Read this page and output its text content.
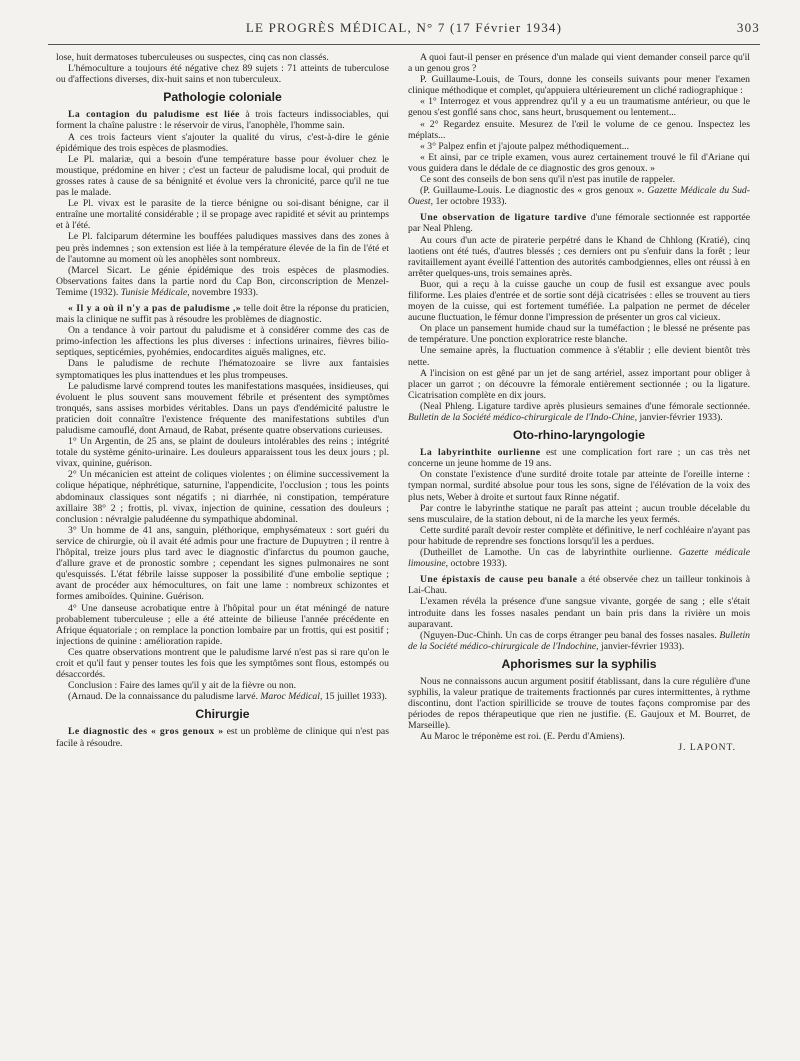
LE PROGRÈS MÉDICAL, N° 7 (17 Février 1934)	303

lose, huit dermatoses tuberculeuses ou suspectes, cinq cas non classés.

L'hémoculture a toujours été négative chez 89 sujets : 71 atteints de tuberculose ou d'affections diverses, dix-huit sains et non tuberculeux.

Pathologie coloniale

La contagion du paludisme est liée à trois facteurs indissociables, qui forment la chaîne palustre : le réservoir de virus, l'anophèle, l'homme sain.

A ces trois facteurs vient s'ajouter la qualité du virus, c'est-à-dire le génie épidémique des trois espèces de plasmodies.

Le Pl. malariæ, qui a besoin d'une température basse pour évoluer chez le moustique, prédomine en hiver ; c'est un facteur de paludisme local, qui produit de grosses rates à cause de sa bénignité et évolue vers la chronicité, parce qu'il ne tue pas le malade.

Le Pl. vivax est le parasite de la tierce bénigne ou soi-disant bénigne, car il entraîne une mortalité considérable ; il se propage avec rapidité et sévit au printemps et à l'été.

Le Pl. falciparum détermine les bouffées paludiques massives dans des zones à peu près indemnes ; son extension est liée à la température élevée de la fin de l'été et de l'automne au moment où les anophèles sont nombreux.

(Marcel Sicart. Le génie épidémique des trois espèces de plasmodies. Observations faites dans la partie nord du Cap Bon, circonscription de Menzel-Temime (1932). Tunisie Médicale, novembre 1933).

« Il y a où il n'y a pas de paludisme ,» telle doit être la réponse du praticien, mais la clinique ne suffit pas à résoudre les problèmes de diagnostic.

On a tendance à voir partout du paludisme et à considérer comme des cas de primo-infection les affections les plus diverses : infections urinaires, fièvres bilio-septiques, septicémies, pyohémies, endocardites aiguës malignes, etc.

Dans le paludisme de rechute l'hématozoaire se livre aux fantaisies symptomatiques les plus inattendues et les plus trompeuses.

Le paludisme larvé comprend toutes les manifestations masquées, insidieuses, qui évoluent le plus souvent sans mouvement fébrile et présentent des symptômes tronqués, sans assises morbides véritables. Dans un pays d'endémicité palustre le praticien doit connaître l'existence fréquente des manifestations subtiles d'un paludisme camouflé, dont Arnaud, de Rabat, présente quatre observations curieuses.

1° Un Argentin, de 25 ans, se plaint de douleurs intolérables des reins ; intégrité totale du système génito-urinaire. Les douleurs apparaissent tous les deux jours ; pl. vivax, quinine, guérison.

2° Un mécanicien est atteint de coliques violentes ; on élimine successivement la colique hépatique, néphrétique, saturnine, l'appendicite, l'occlusion ; tous les points abdominaux classiques sont négatifs ; ni diarrhée, ni constipation, température axillaire 38° 2 ; frottis, pl. vivax, injection de quinine, cessation des douleurs ; conclusion : névralgie paludéenne du sympathique abdominal.

3° Un homme de 41 ans, sanguin, pléthorique, emphysémateux : sort guéri du service de chirurgie, où il avait été admis pour une fracture de Dupuytren ; il rentre à l'hôpital, treize jours plus tard avec le diagnostic d'infarctus du poumon gauche, d'allure grave et de pronostic sombre ; cependant les signes pulmonaires ne sont qu'esquissés. L'état fébrile laisse supposer la possibilité d'une embolie septique ; avant de procéder aux hémocultures, on fait une lame : nombreux schizontes et formes amiboïdes. Quinine. Guérison.

4° Une danseuse acrobatique entre à l'hôpital pour un état méningé de nature probablement tuberculeuse ; elle a été atteinte de bilieuse l'année précédente en Afrique équatoriale ; on remplace la ponction lombaire par un frottis, qui est positif ; injections de quinine : amélioration rapide.

Ces quatre observations montrent que le paludisme larvé n'est pas si rare qu'on le croit et qu'il faut y penser toutes les fois que les symptômes sont flous, estompés ou désaccordés.

Conclusion : Faire des lames qu'il y ait de la fièvre ou non.

(Arnaud. De la connaissance du paludisme larvé. Maroc Médical, 15 juillet 1933).

Chirurgie

Le diagnostic des « gros genoux » est un problème de clinique qui n'est pas facile à résoudre.

A quoi faut-il penser en présence d'un malade qui vient demander conseil parce qu'il a un genou gros ?

P. Guillaume-Louis, de Tours, donne les conseils suivants pour mener l'examen clinique méthodique et complet, qu'appuiera ultérieurement un cliché radiographique :

« 1° Interrogez et vous apprendrez qu'il y a eu un traumatisme antérieur, ou que le genou s'est gonflé sans choc, sans heurt, brusquement ou lentement...

« 2° Regardez ensuite. Mesurez de l'œil le volume de ce genou. Inspectez les méplats...

« 3° Palpez enfin et j'ajoute palpez méthodiquement...

« Et ainsi, par ce triple examen, vous aurez certainement trouvé le fil d'Ariane qui vous guidera dans le dédale de ce diagnostic des gros genoux. »

Ce sont des conseils de bon sens qu'il n'est pas inutile de rappeler.

(P. Guillaume-Louis. Le diagnostic des « gros genoux ». Gazette Médicale du Sud-Ouest, 1er octobre 1933).

Une observation de ligature tardive d'une fémorale sectionnée est rapportée par Neal Phleng.

Au cours d'un acte de piraterie perpétré dans le Khand de Chhlong (Kratié), cinq laotiens ont été tués, d'autres blessés ; ces derniers ont pu s'enfuir dans la forêt ; leur ravitaillement ayant éveillé l'attention des autorités cambodgiennes, elles ont réussi à en arrêter quelques-uns, trois semaines après.

Buor, qui a reçu à la cuisse gauche un coup de fusil est exsangue avec pouls filiforme. Les plaies d'entrée et de sortie sont déjà cicatrisées : elles se trouvent au tiers moyen de la cuisse, qui est fortement tuméfiée. La palpation ne permet de déceler aucune fluctuation, le fémur donne l'impression de présenter un gros cal vicieux.

On place un pansement humide chaud sur la tuméfaction ; le blessé ne présente pas de température. Une ponction exploratrice reste blanche.

Une semaine après, la fluctuation commence à s'établir ; elle devient bientôt très nette.

A l'incision on est gêné par un jet de sang artériel, assez important pour obliger à placer un garrot ; on découvre la fémorale entièrement sectionnée ; ou la ligature. Cicatrisation complète en dix jours.

(Neal Phleng. Ligature tardive après plusieurs semaines d'une fémorale sectionnée. Bulletin de la Société médico-chirurgicale de l'Indo-Chine, janvier-février 1933).

Oto-rhino-laryngologie

La labyrinthite ourlienne est une complication fort rare ; un cas très net concerne un jeune homme de 19 ans.

On constate l'existence d'une surdité droite totale par atteinte de l'oreille interne : tympan normal, surdité absolue pour tous les sons, signe de l'élévation de la voix des plus nets, Weber à droite et surtout faux Rinne négatif.

Par contre le labyrinthe statique ne paraît pas atteint ; aucun trouble décelable du sens musculaire, de la station debout, ni de la marche les yeux fermés.

Cette surdité paraît devoir rester complète et définitive, le nerf cochléaire n'ayant pas pour habitude de reprendre ses fonctions lorsqu'il les a perdues.

(Dutheillet de Lamothe. Un cas de labyrinthite ourlienne. Gazette médicale limousine, octobre 1933).

Une épistaxis de cause peu banale a été observée chez un tailleur tonkinois à Lai-Chau.

L'examen révéla la présence d'une sangsue vivante, gorgée de sang ; elle s'était introduite dans les fosses nasales pendant un bain pris dans la rivière un mois auparavant.

(Nguyen-Duc-Chinh. Un cas de corps étranger peu banal des fosses nasales. Bulletin de la Société médico-chirurgicale de l'Indochine, janvier-février 1933).

Aphorismes sur la syphilis

Nous ne connaissons aucun argument positif établissant, dans la cure régulière d'une syphilis, la valeur pratique de traitements fractionnés par cures intermittentes, à rythme discontinu, dont l'action spirillicide se trouve de toutes façons compromise par des périodes de repos thérapeutique que rien ne justifie. (E. Gaujoux et M. Bourret, de Marseille).

Au Maroc le tréponème est roi. (E. Perdu d'Amiens).

J. LAPONT.
